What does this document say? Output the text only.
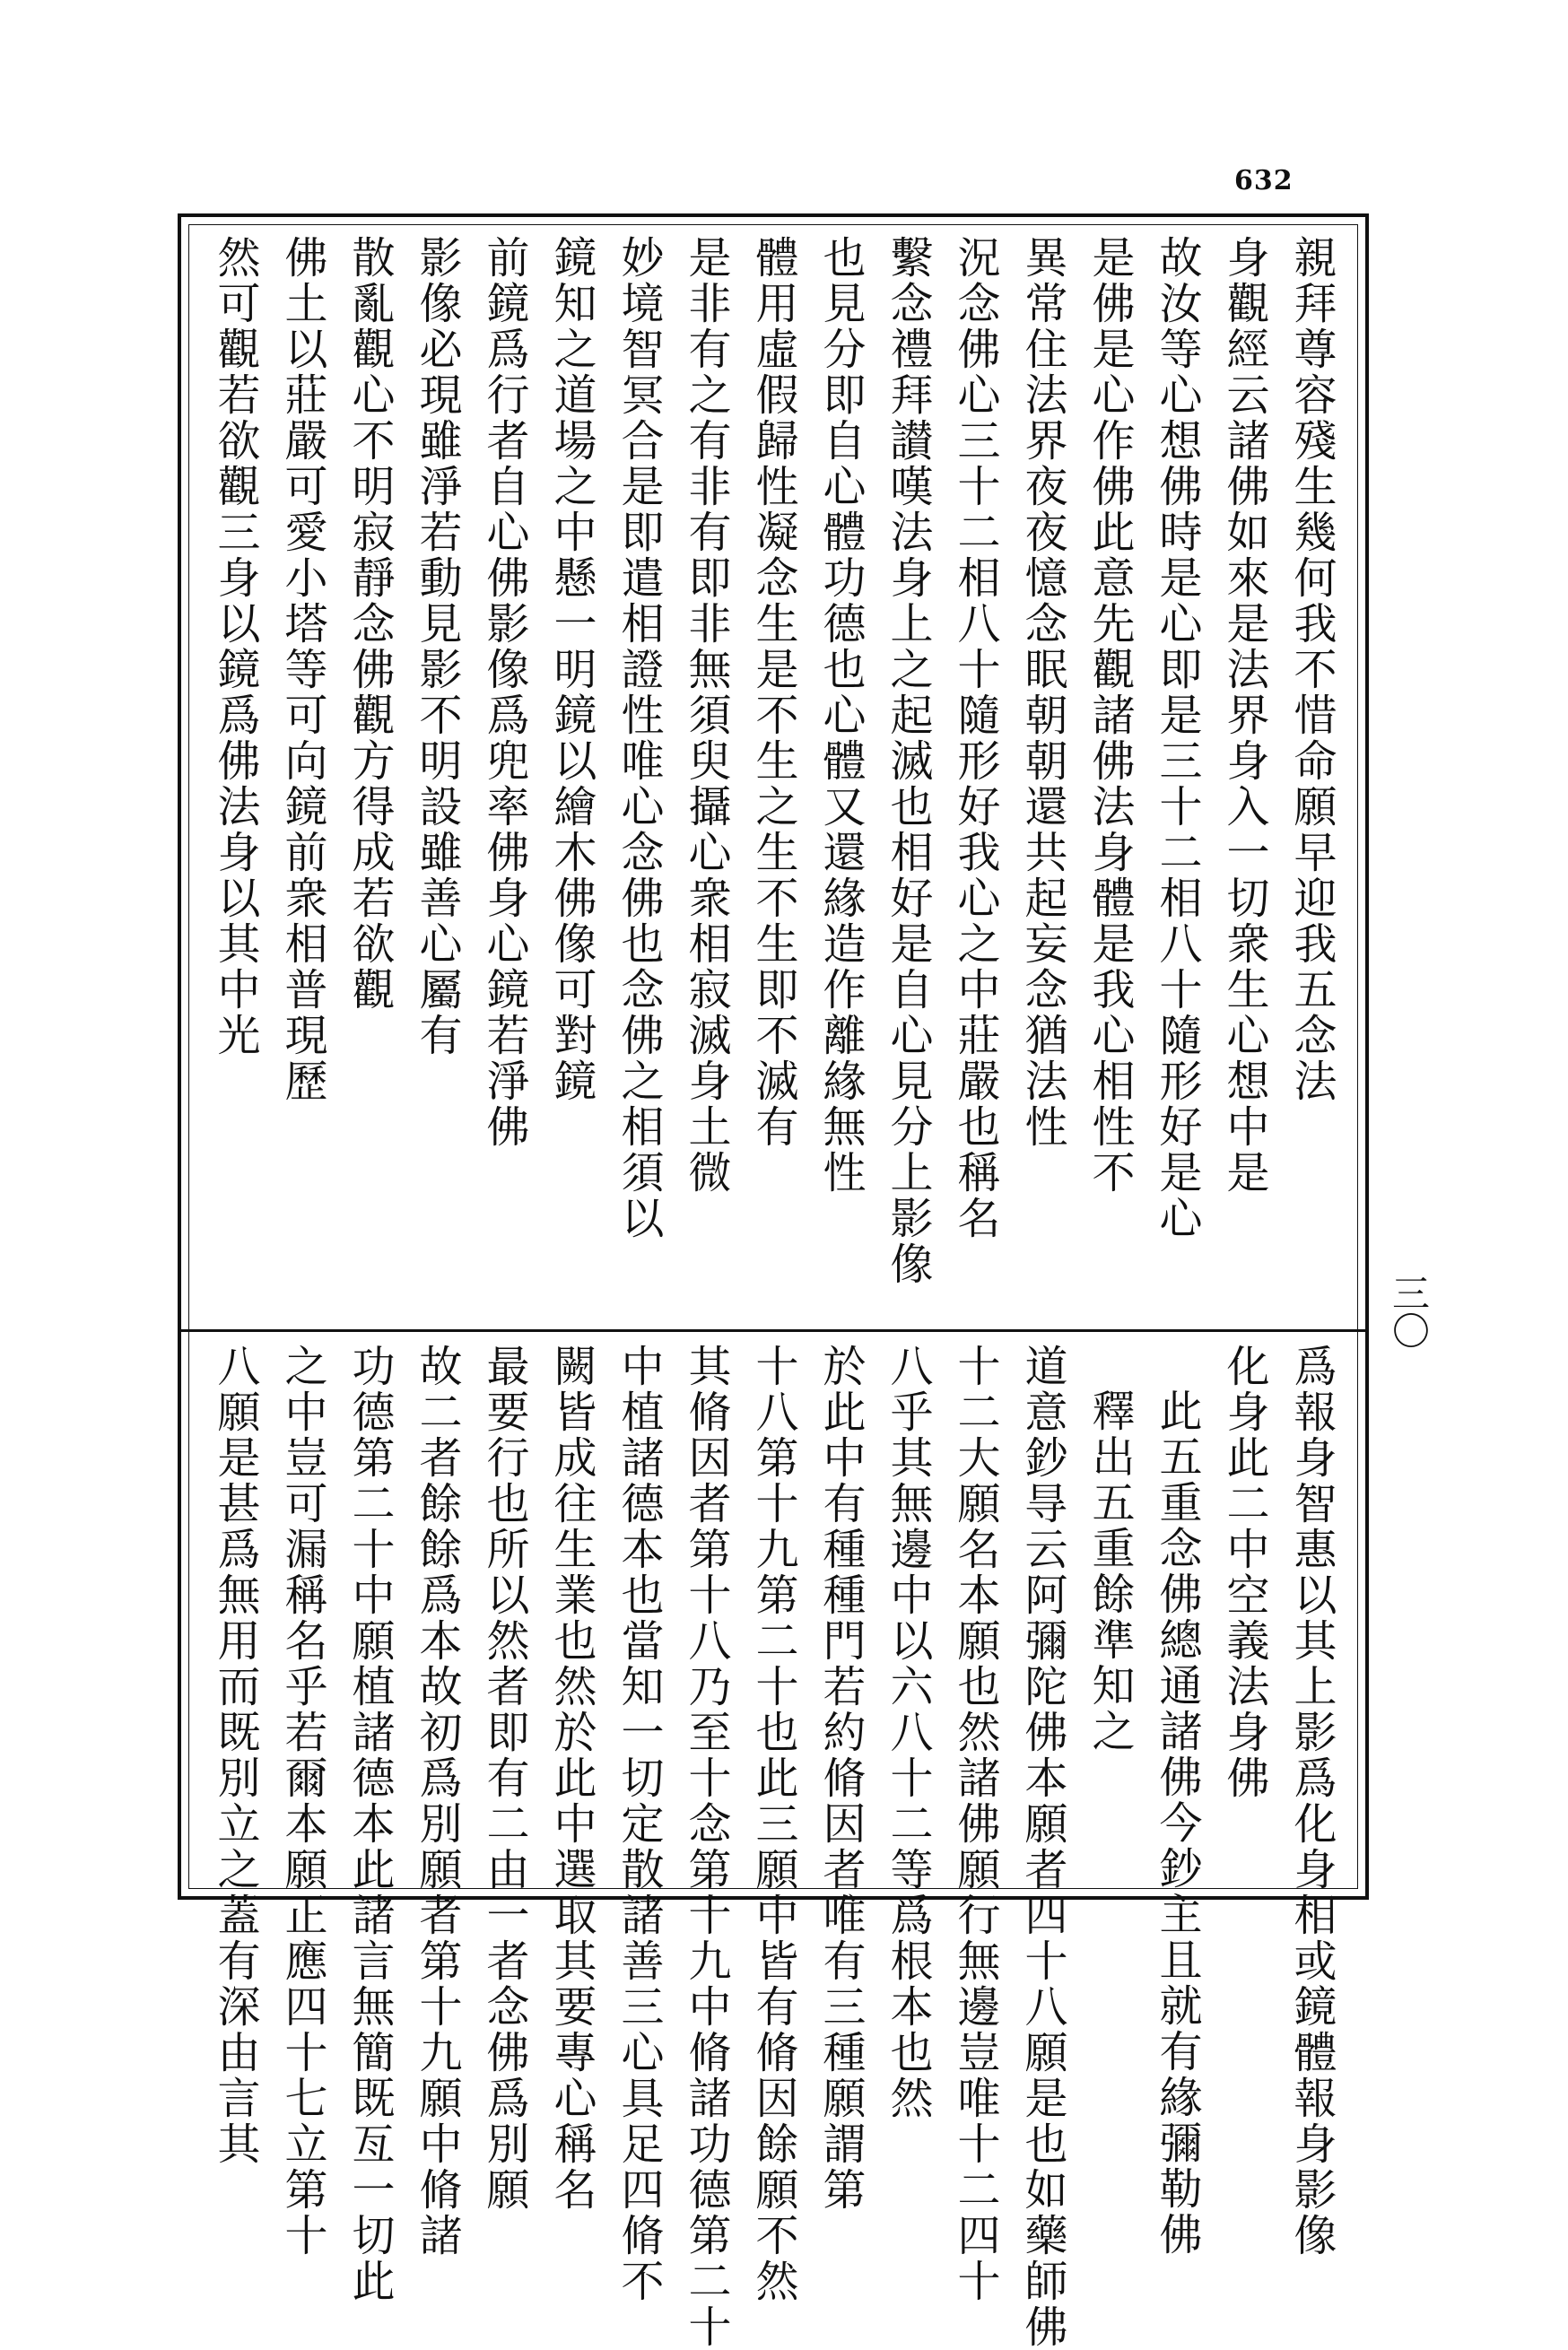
632
三〇
親拜尊容殘生幾何我不惜命願早迎我五念法
身觀經云諸佛如來是法界身入一切衆生心想中是
故汝等心想佛時是心即是三十二相八十隨形好是心
是佛是心作佛此意先觀諸佛法身體是我心相性不
異常住法界夜夜憶念眠朝朝還共起妄念猶法性
況念佛心三十二相八十隨形好我心之中莊嚴也稱名
繫念禮拜讃嘆法身上之起滅也相好是自心見分上影像
也見分即自心體功德也心體又還緣造作離緣無性
體用虛假歸性凝念生是不生之生不生即不滅有
是非有之有非有即非無須臾攝心衆相寂滅身土微
妙境智冥合是即遣相證性唯心念佛也念佛之相須以
鏡知之道場之中懸一明鏡以繪木佛像可對鏡
前鏡爲行者自心佛影像爲兜率佛身心鏡若淨佛
影像必現雖淨若動見影不明設雖善心屬有
散亂觀心不明寂靜念佛觀方得成若欲觀
佛土以莊嚴可愛小塔等可向鏡前衆相普現歷
然可觀若欲觀三身以鏡爲佛法身以其中光
爲報身智惠以其上影爲化身相或鏡體報身影像
化身此二中空義法身佛
此五重念佛總通諸佛今鈔主且就有緣彌勒佛
釋出五重餘準知之
道意鈔㝵云阿彌陀佛本願者四十八願是也如藥師佛
十二大願名本願也然諸佛願行無邊豈唯十二四十
八乎其無邊中以六八十二等爲根本也然
於此中有種種門若約脩因者唯有三種願謂第
十八第十九第二十也此三願中皆有脩因餘願不然
其脩因者第十八乃至十念第十九中脩諸功德第二十
中植諸德本也當知一切定散諸善三心具足四脩不
闕皆成往生業也然於此中選取其要專心稱名
最要行也所以然者即有二由一者念佛爲別願
故二者餘餘爲本故初爲別願者第十九願中脩諸
功德第二十中願植諸德本此諸言無簡既亙一切此
之中豈可漏稱名乎若爾本願正應四十七立第十
八願是甚爲無用而既別立之蓋有深由言其
